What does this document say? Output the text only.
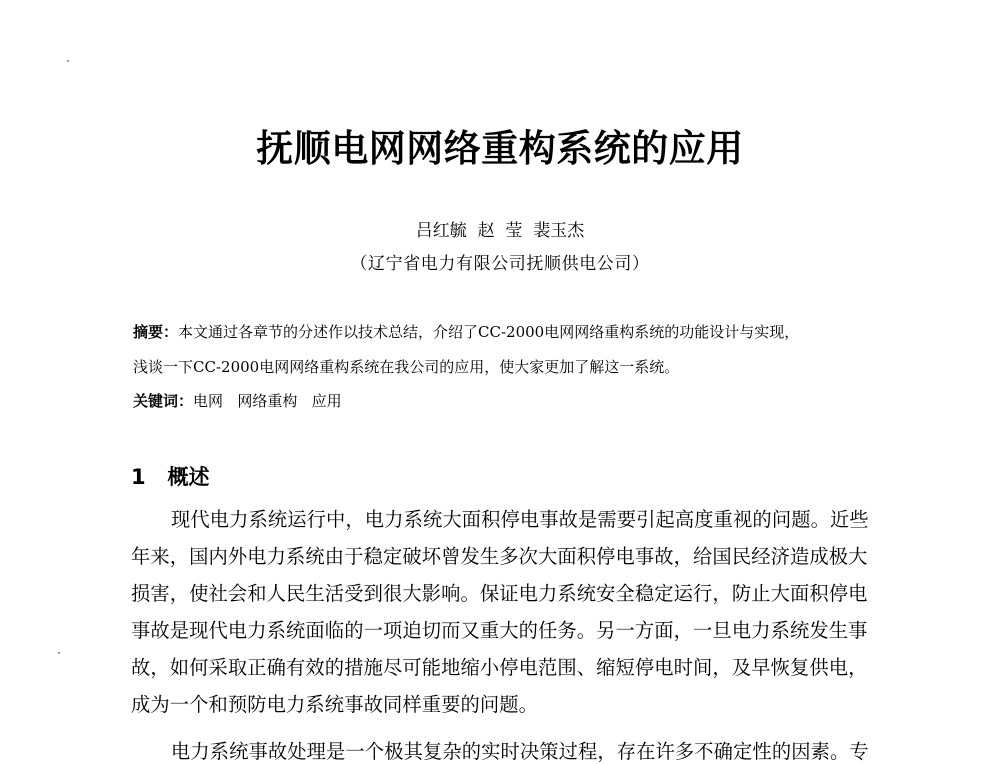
抚顺电网网络重构系统的应用
吕红毓  赵  莹  裴玉杰
（辽宁省电力有限公司抚顺供电公司）
摘要：本文通过各章节的分述作以技术总结，介绍了CC-2000电网网络重构系统的功能设计与实现，
浅谈一下CC-2000电网网络重构系统在我公司的应用，使大家更加了解这一系统。
关键词：电网   网络重构   应用
1   概述
现代电力系统运行中，电力系统大面积停电事故是需要引起高度重视的问题。近些
年来，国内外电力系统由于稳定破坏曾发生多次大面积停电事故，给国民经济造成极大
损害，使社会和人民生活受到很大影响。保证电力系统安全稳定运行，防止大面积停电
事故是现代电力系统面临的一项迫切而又重大的任务。另一方面，一旦电力系统发生事
故，如何采取正确有效的措施尽可能地缩小停电范围、缩短停电时间，及早恢复供电，
成为一个和预防电力系统事故同样重要的问题。
电力系统事故处理是一个极其复杂的实时决策过程，存在许多不确定性的因素。专
